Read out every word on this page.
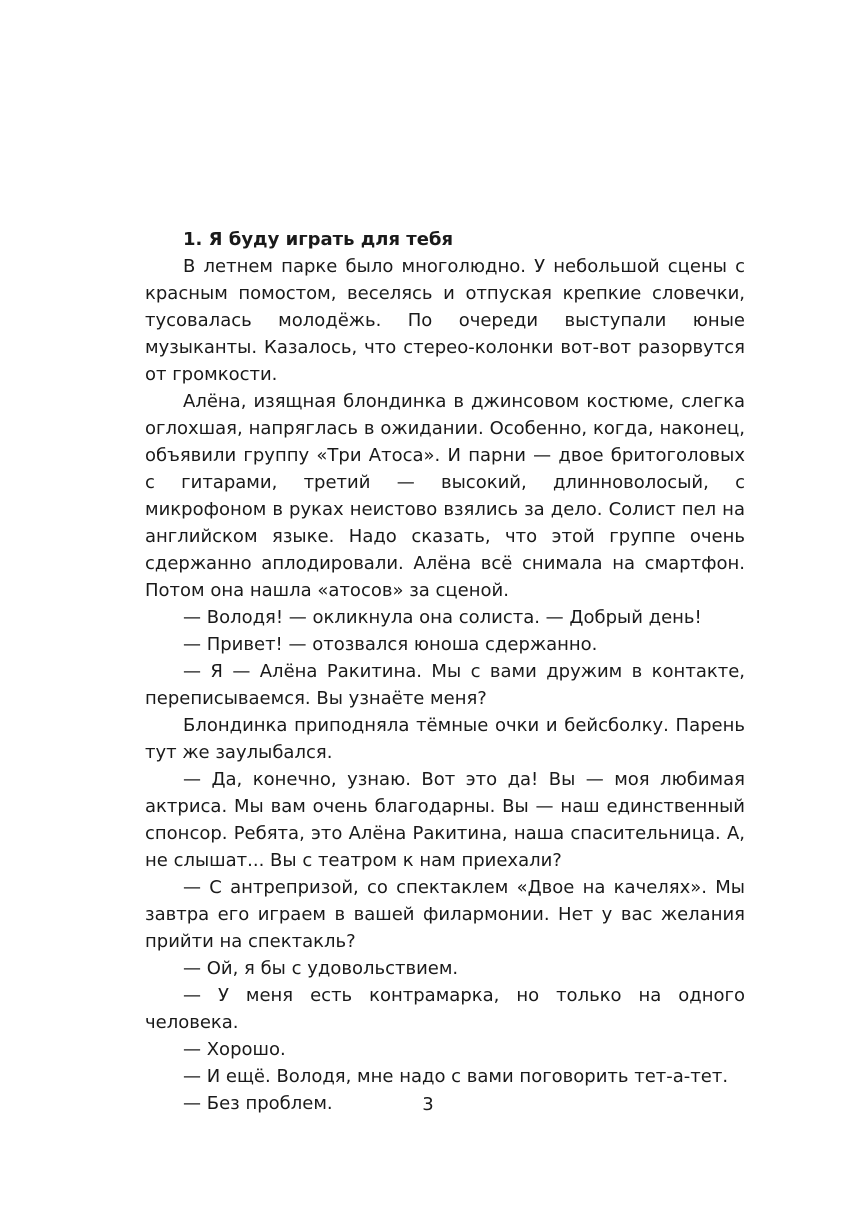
1. Я буду играть для тебя

В летнем парке было многолюдно. У небольшой сцены с красным помостом, веселясь и отпуская крепкие словечки, тусовалась молодёжь. По очереди выступали юные музыканты. Казалось, что стерео-колонки вот-вот разорвутся от громкости.

Алёна, изящная блондинка в джинсовом костюме, слегка оглохшая, напряглась в ожидании. Особенно, когда, наконец, объявили группу «Три Атоса». И парни — двое бритоголовых с гитарами, третий — высокий, длинноволосый, с микрофоном в руках неистово взялись за дело. Солист пел на английском языке. Надо сказать, что этой группе очень сдержанно аплодировали. Алёна всё снимала на смартфон. Потом она нашла «атосов» за сценой.

— Володя! — окликнула она солиста. — Добрый день!

— Привет! — отозвался юноша сдержанно.

— Я — Алёна Ракитина. Мы с вами дружим в контакте, переписываемся. Вы узнаёте меня?

Блондинка приподняла тёмные очки и бейсболку. Парень тут же заулыбался.

— Да, конечно, узнаю. Вот это да! Вы — моя любимая актриса. Мы вам очень благодарны. Вы — наш единственный спонсор. Ребята, это Алёна Ракитина, наша спасительница. А, не слышат... Вы с театром к нам приехали?

— С антрепризой, со спектаклем «Двое на качелях». Мы завтра его играем в вашей филармонии. Нет у вас желания прийти на спектакль?

— Ой, я бы с удовольствием.

— У меня есть контрамарка, но только на одного человека.

— Хорошо.

— И ещё. Володя, мне надо с вами поговорить тет-а-тет.

— Без проблем.	3
